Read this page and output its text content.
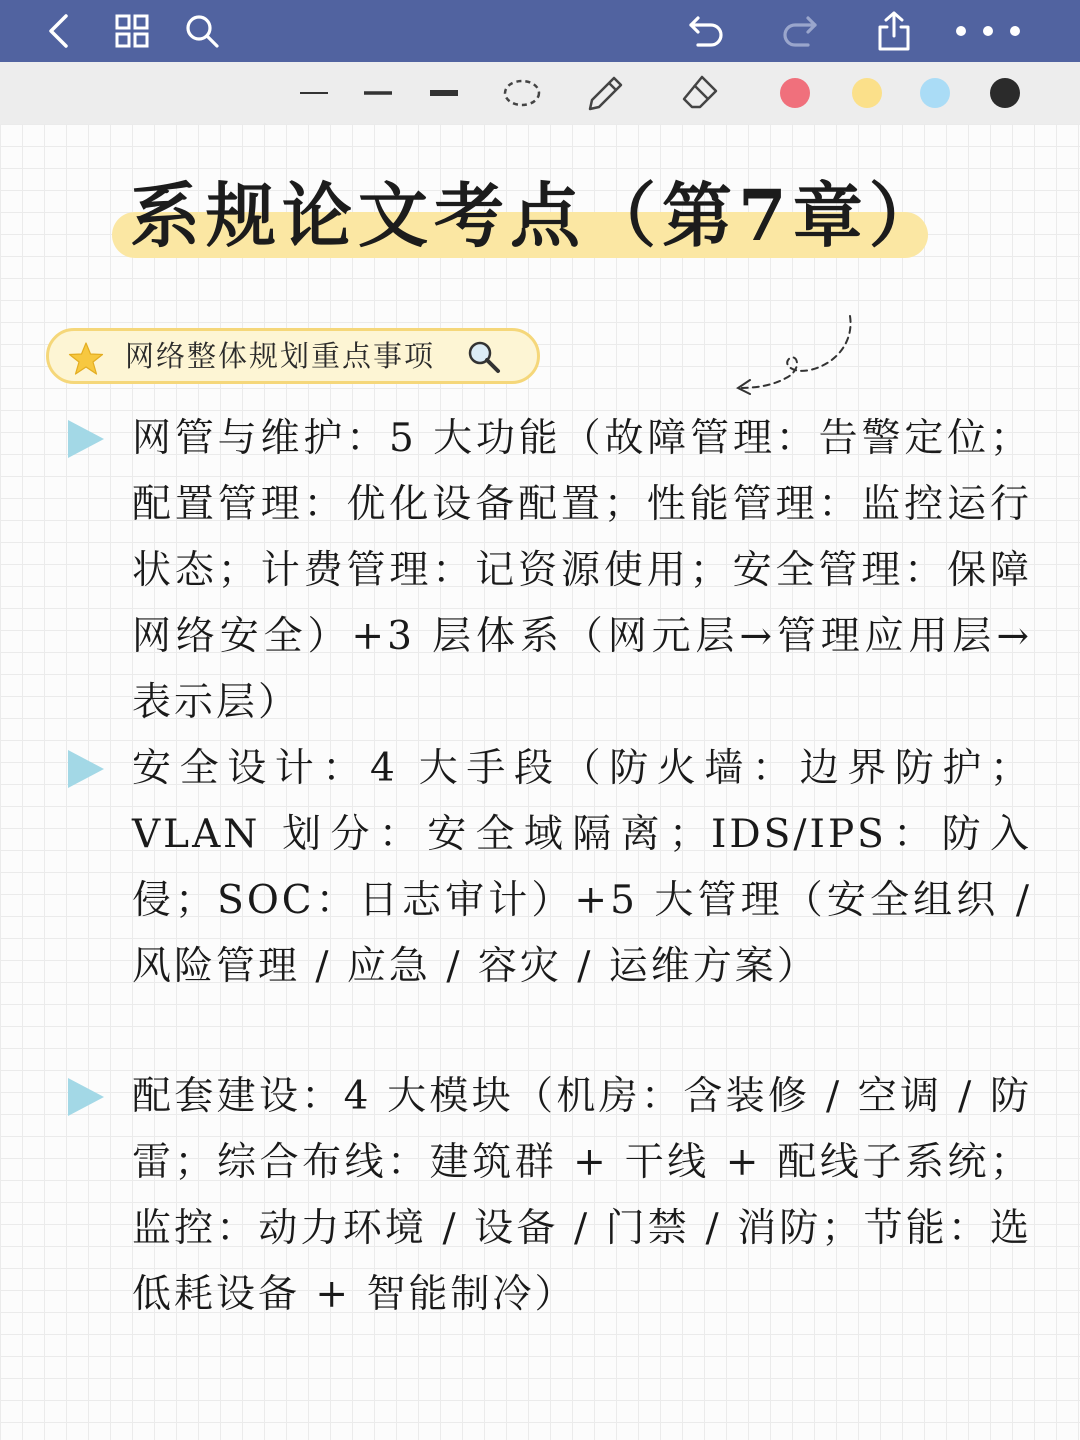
系规论文考点（第7章）
网络整体规划重点事项
网管与维护：5 大功能（故障管理：告警定位；配置管理：优化设备配置；性能管理：监控运行状态；计费管理：记资源使用；安全管理：保障网络安全）+3 层体系（网元层→管理应用层→表示层）
安全设计：4 大手段（防火墙：边界防护；VLAN 划分：安全域隔离；IDS/IPS：防入侵；SOC：日志审计）+5 大管理（安全组织 / 风险管理 / 应急 / 容灾 / 运维方案）
配套建设：4 大模块（机房：含装修 / 空调 / 防雷；综合布线：建筑群 + 干线 + 配线子系统；监控：动力环境 / 设备 / 门禁 / 消防；节能：选低耗设备 + 智能制冷）
